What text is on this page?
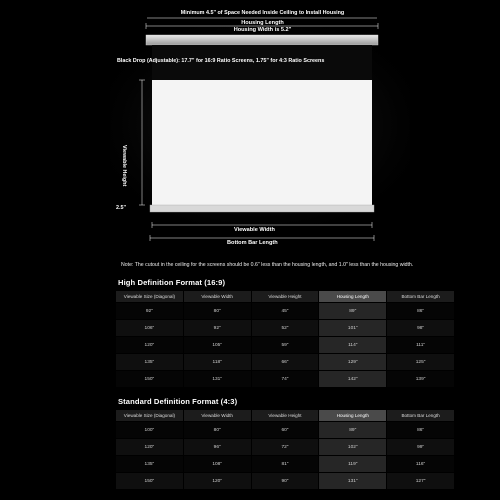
Minimum 4.5" of Space Needed Inside Ceiling to Install Housing
Housing Length
Housing Width is 5.2"
Black Drop (Adjustable): 17.7" for 16:9 Ratio Screens, 1.75" for 4:3 Ratio Screens
Viewable Height
2.5"
Viewable Width
Bottom Bar Length
Note: The cutout in the ceiling for the screens should be 0.6" less than the housing length, and 1.0" less than the housing width.
High Definition Format (16:9)
Viewable Size (Diagonal)	Viewable Width	Viewable Height	Housing Length	Bottom Bar Length
92"	80"	45"	89"	86"
106"	92"	52"	101"	98"
120"	105"	59"	114"	111"
135"	118"	66"	129"	125"
150"	131"	74"	142"	139"
Standard Definition Format (4:3)
Viewable Size (Diagonal)	Viewable Width	Viewable Height	Housing Length	Bottom Bar Length
100"	80"	60"	89"	86"
120"	96"	72"	102"	99"
135"	108"	81"	119"	116"
150"	120"	90"	131"	127"
